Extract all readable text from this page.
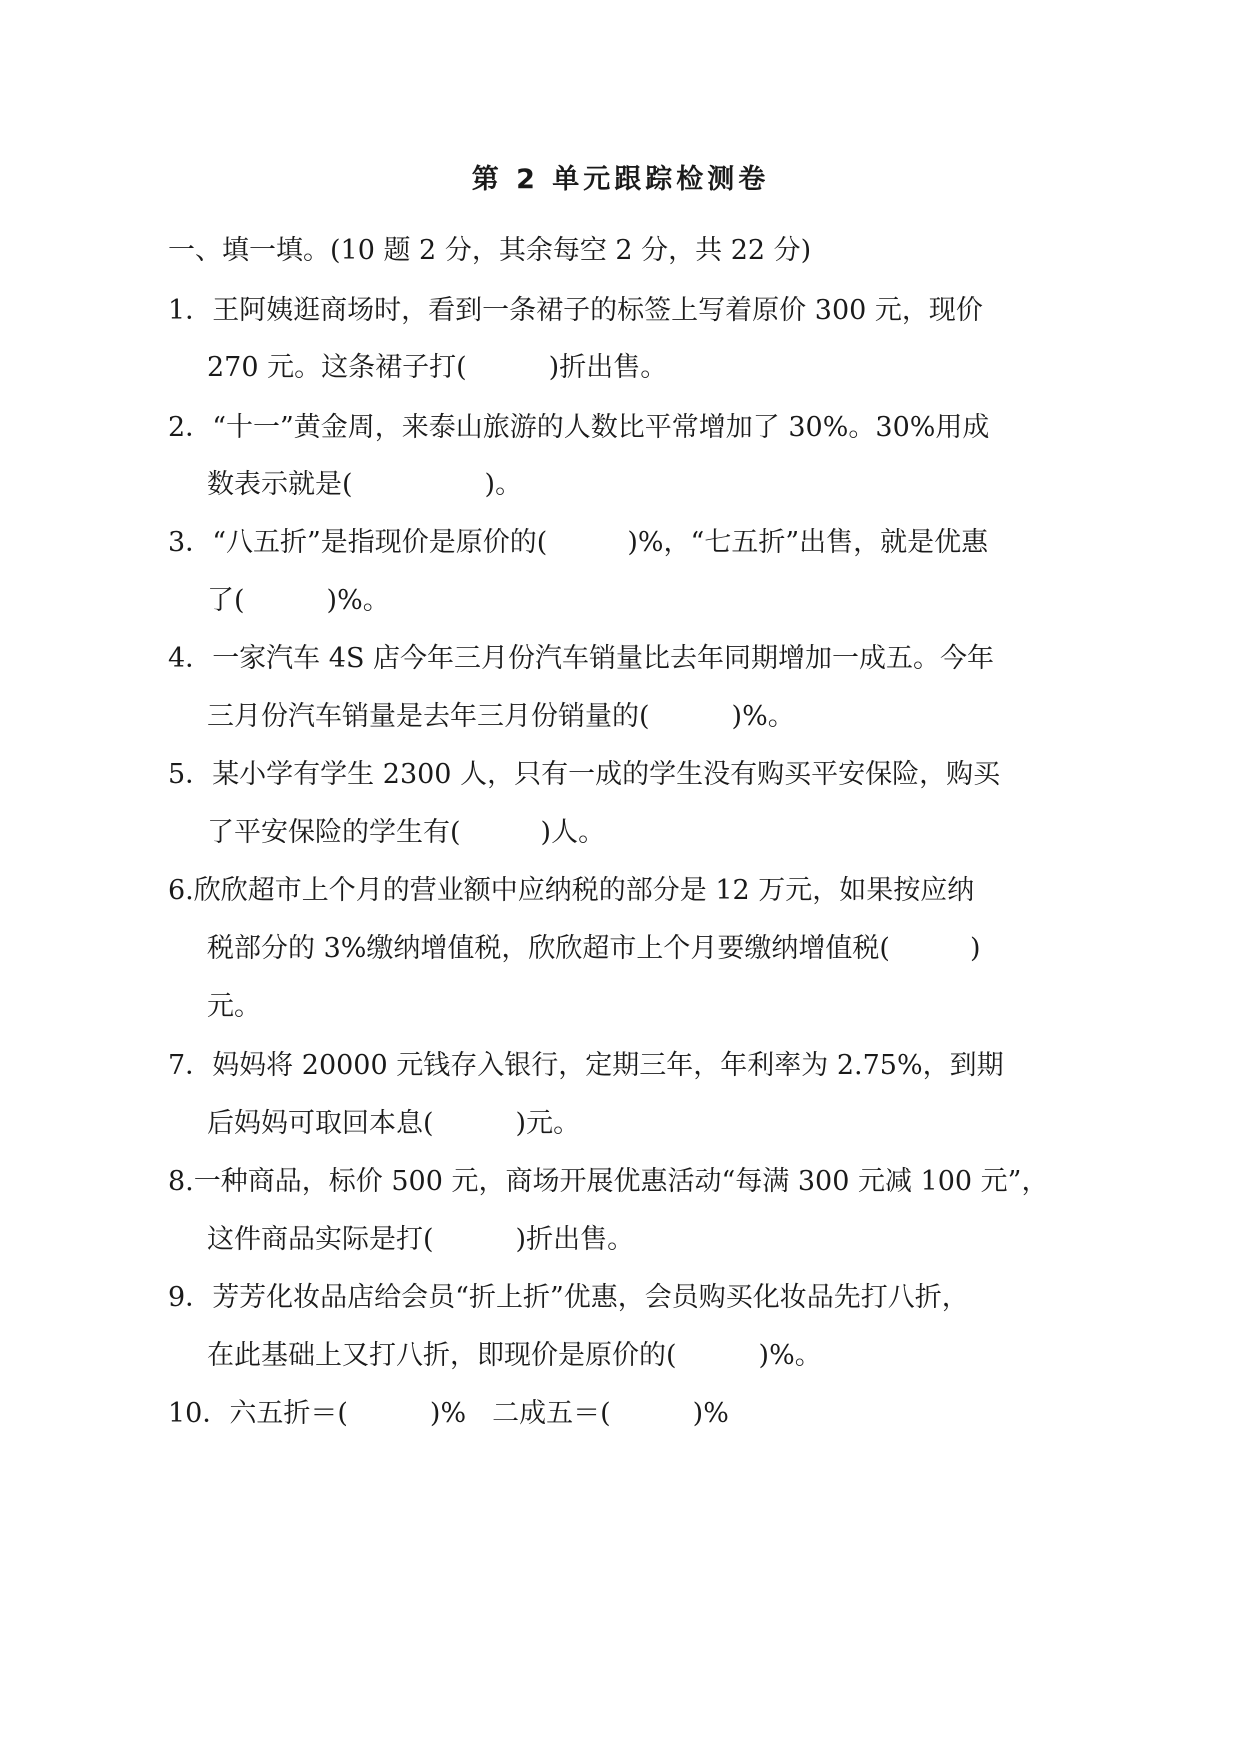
第 2 单元跟踪检测卷
一、填一填。(10 题 2 分，其余每空 2 分，共 22 分)
1．王阿姨逛商场时，看到一条裙子的标签上写着原价 300 元，现价
270 元。这条裙子打(	)折出售。
2．“十一”黄金周，来泰山旅游的人数比平常增加了 30%。30%用成
数表示就是(	)。
3．“八五折”是指现价是原价的(	)%，“七五折”出售，就是优惠
了(	)%。
4．一家汽车 4S 店今年三月份汽车销量比去年同期增加一成五。今年
三月份汽车销量是去年三月份销量的(	)%。
5．某小学有学生 2300 人，只有一成的学生没有购买平安保险，购买
了平安保险的学生有(	)人。
6.欣欣超市上个月的营业额中应纳税的部分是 12 万元，如果按应纳
税部分的 3%缴纳增值税，欣欣超市上个月要缴纳增值税(	)
元。
7．妈妈将 20000 元钱存入银行，定期三年，年利率为 2.75%，到期
后妈妈可取回本息(	)元。
8.一种商品，标价 500 元，商场开展优惠活动“每满 300 元减 100 元”，
这件商品实际是打(	)折出售。
9．芳芳化妆品店给会员“折上折”优惠，会员购买化妆品先打八折，
在此基础上又打八折，即现价是原价的(	)%。
10．六五折＝(	)% 二成五＝(	)%
